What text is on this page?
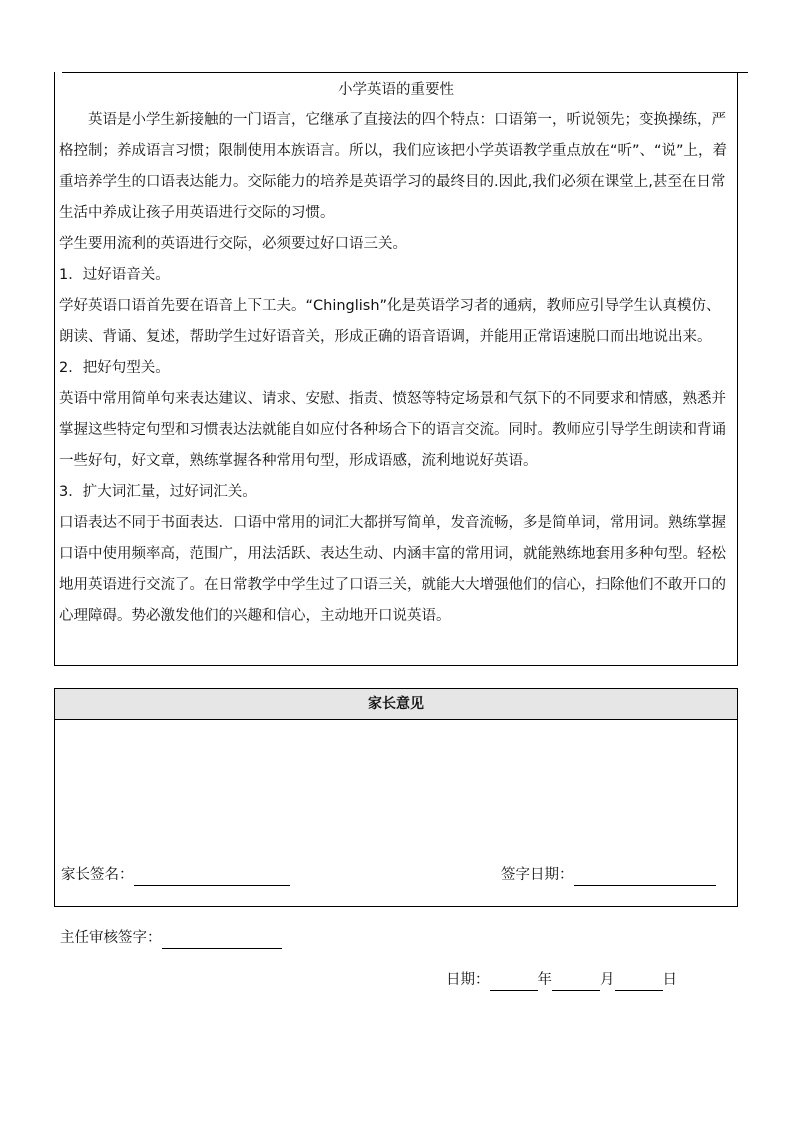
小学英语的重要性

英语是小学生新接触的一门语言，它继承了直接法的四个特点：口语第一，听说领先；变换操练，严格控制；养成语言习惯；限制使用本族语言。所以，我们应该把小学英语教学重点放在“听”、“说”上，着重培养学生的口语表达能力。交际能力的培养是英语学习的最终目的.因此,我们必须在课堂上,甚至在日常生活中养成让孩子用英语进行交际的习惯。

学生要用流利的英语进行交际，必须要过好口语三关。

1．过好语音关。

学好英语口语首先要在语音上下工夫。“Chinglish”化是英语学习者的通病，教师应引导学生认真模仿、朗读、背诵、复述，帮助学生过好语音关，形成正确的语音语调，并能用正常语速脱口而出地说出来。

2．把好句型关。

英语中常用简单句来表达建议、请求、安慰、指责、愤怒等特定场景和气氛下的不同要求和情感，熟悉并掌握这些特定句型和习惯表达法就能自如应付各种场合下的语言交流。同时。教师应引导学生朗读和背诵一些好句，好文章，熟练掌握各种常用句型，形成语感，流利地说好英语。

3．扩大词汇量，过好词汇关。

口语表达不同于书面表达．口语中常用的词汇大都拼写简单，发音流畅，多是简单词，常用词。熟练掌握口语中使用频率高，范围广，用法活跃、表达生动、内涵丰富的常用词，就能熟练地套用多种句型。轻松地用英语进行交流了。在日常教学中学生过了口语三关，就能大大增强他们的信心，扫除他们不敢开口的心理障碍。势必激发他们的兴趣和信心，主动地开口说英语。

家长意见
家长签名：	签字日期：
主任审核签字：
日期：	年	月	日
